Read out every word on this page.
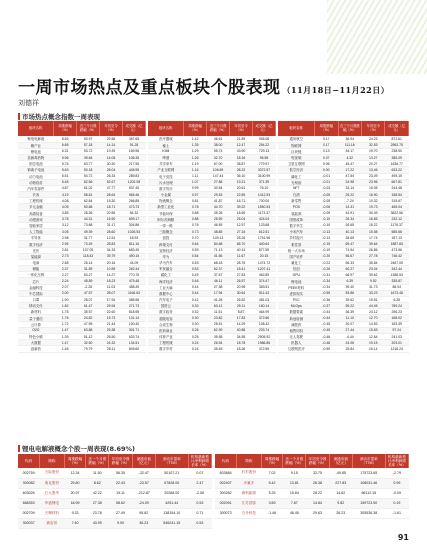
一周市场热点及重点板块个股表现 （11月18日−11月22日）
刘德祥
市场热点概念指数一周表现
板块名称	周涨跌幅（%）	近三个月涨跌幅（%）	年初至今（%）	成交额（亿元）
锂电电解液	8.69	50.97	29.56	367.65
赣产业	6.65	57.18	14.14	91.28
锂电池	6.31	53.72	19.39	169.96
抗病毒药物	5.96	39.64	14.05	106.35
固态电池	5.76	63.77	30.30	217.55
钠离子电池	5.63	50.18	28.04	445.95
动力电池	5.51	54.72	26.33	289.83
动物疫苗	5.48	62.56	52.67	1202.08
汽车零部件	4.87	61.02	47.77	537.45
长寿	4.19	58.61	28.64	565.46
工程机械	4.08	62.64	15.30	266.85
多元金融	4.05	50.68	18.71	473.73
高端装备	3.85	28.36	20.55	84.32
动漫游戏	3.78	44.31	15.90	699.17
智能家居	3.12	73.68	31.17	304.86
人工智能	3.05	49.39	28.60	1026.53
半导体	2.98	31.77	12.51	18.93
数字经济	2.95	73.49	28.83	811.16
光伏	2.81	107.05	34.33	683.49
氢能源	2.73	118.43	39.79	490.15
电商	2.68	26.14	20.16	44.09
储能	2.37	31.89	10.59	262.44
一体化压铸	2.27	53.27	14.27	770.75
芯片	2.24	45.89	18.23	475.48
金融科技	2.07	-2.28	11.03	458.49
中芯国际	2.00	47.57	28.07	1166.63
口罩	1.90	28.07	17.94	385.58
移动支付	1.82	61.47	29.94	271.73
新材料	1.78	35.57	22.60	818.95
量子通信	1.76	24.82	15.73	101.14
云计算	1.72	47.95	21.44	100.40
O2O	1.47	63.68	25.38	301.71
特色小镇	1.39	51.12	26.50	633.74
大数据	1.47	32.50	24.32	134.51
创新药	1.46	79.79	28.11	849.60
板块名称	周涨跌幅（%）	近三个月涨跌幅（%）	年初至今（%）	成交额（亿元）
医疗器械	1.42	46.61	21.89	946.08
稀土	1.35	38.00	12.47	294.22
KIMI	1.29	55.74	43.90	729.13
啤酒	1.26	32.70	18.16	95.55
共享单车	1.19	67.00	38.87	779.97
产业互联网	1.16	106.69	28.22	3372.57
电子竞技	1.11	147.44	36.10	3100.99
污水处理	1.07	27.88	19.21	371.39
数字货币	0.99	30.54	20.61	76.10
小金属	0.97	29.53	22.89	1412.53
物流概念	0.81	41.87	18.71	700.00
新型工业化	0.78	44.70	39.22	1550.53
节能环保	0.88	35.28	18.65	1173.37
阿尔茨海默	0.88	25.59	25.04	424.04
一带一路	0.76	46.55	12.57	123.68
三胎概念	0.73	48.85	27.34	612.51
创投	0.70	149.13	28.26	1751.96
跨境支付	0.64	84.68	68.70	440.64
宠物经济	0.59	71.13	40.14	877.55
华为	0.54	41.56	11.67	20.15
华为汽车	0.53	68.18	28.76	1474.72
军民融合	0.53	62.37	18.41	1207.41
碳化工	0.49	37.67	27.83	462.89
海洋经济	0.46	46.11	26.57	374.47
工业大麻	0.44	27.38	20.96	383.51
数据中心	0.44	17.94	30.64	511.43
汽车电子	0.42	41.28	26.52	481.03
国资云	0.33	63.12	25.11	160.14
数字政务	0.32	11.51	8.87	464.99
超级电容	0.30	23.82	17.83	372.66
合成生物	0.30	28.51	14.29	108.42
医药商业	0.26	62.39	40.88	233.74
体育产业	0.25	35.58	34.55	2905.92
工程机械	0.24	26.54	18.78	1986.85
数字乡村	0.24	35.45	18.36	472.55
板块名称	周涨跌幅（%）	近三个月涨跌幅（%）	年初至今（%）	成交额（亿元）
通用航空	0.17	36.94	24.23	872.61
物联网	0.17	111.16	32.53	2963.75
区块链	0.13	34.17	19.70	238.50
短视频	0.07	4.32	13.27	385.09
卫星互联网	0.06	45.47	20.27	1636.77
低空经济	0.00	17.22	13.46	633.22
磷化工	-0.01	47.54	23.09	495.15
光刻胶	-0.01	24.98	23.96	667.81
NFT	-0.03	33.14	16.05	244.48
白酒	-0.05	25.22	16.90	158.54
新零售	-0.05	-7.24	10.32	315.67
PCB	-0.06	14.31	19.73	465.04
氢能源	-0.09	44.91	30.49	3822.56
国资改革	-0.10	26.34	16.83	232.12
数字孪生	-0.10	26.65	18.22	1176.37
小米汽车	-0.13	40.13	15.58	585.68
乡村振兴	-0.13	28.65	17.74	187.13
柔性屏	-0.15	69.47	39.64	1887.65
统一大市场	-0.19	74.94	26.86	473.56
国产软件	-0.20	56.67	27.78	746.42
氟化工	-0.22	56.33	35.84	2467.05
信创	-0.26	60.27	23.04	342.44
GPU	-0.31	66.97	39.62	1356.53
锂电池	-0.34	6.39	9.92	335.87
PEEK材料	-0.34	39.40	31.73	86.04
虚拟现实	-0.55	53.86	33.23	1673.48
PVC	-0.36	39.62	15.51	6.28
MLOps	-0.37	59.22	44.45	789.24
数据要素	-0.44	36.39	24.12	256.23
新冠检测	-0.44	11.10	12.70	168.02
减肥药	-0.45	20.07	14.53	183.39
租售同权	-0.45	27.44	15.63	57.24
无人驾驶	-0.46	-4.44	12.64	241.03
机器人	-0.48	24.06	19.15	203.01
互联网医疗	-0.50	25.84	16.14	1218.24
锂电电解液概念个股一周表现(8.69%)
代码	简称	周涨跌幅（%）	近一个月涨跌幅（%）	年初至今涨跌幅（%）	流通市值（亿元）	滚动市盈率（TTM）	机构最新预计净利润增长率（%）
002759	天际股份	12.34	11.50	56.35	-32.47	50107.21	0.07
300082	奥克股份	29.80	8.62	22.43	-23.57	67828.00	2.47
603026	石大胜华	20.97	42.22	19.11	-212.87	20268.00	-2.06
688353	华盛锂电	18.99	27.38	58.62	-24.09	4251.44	0.53
002709	天赐材料	9.33	23.78	27.49	95.62	138154.10	0.71
300037	新宙邦	7.40	43.99	9.90	36.23	546241.15	0.53
代码	简称	周涨跌幅（%）	近一个月涨跌幅（%）	年初至今涨跌幅（%）	流通市值（亿元）	滚动市盈率（TTM）	机构最新预计净利润增长率（%）
603884	杉杉股份	7.02	9.15	32.75	-49.85	175723.65	-2.79
002407	多氟多	5.42	13.81	26.38	227.83	108031.46	0.99
300262	海科新源	5.25	15.84	28.22	14.62	86112.15	-0.09
002091	江苏国泰	3.69	7.87	14.84	9.82	159723.50	0.19
300073	当升科技	-1.46	46.45	29.63	26.23	305536.38	-1.61
91
